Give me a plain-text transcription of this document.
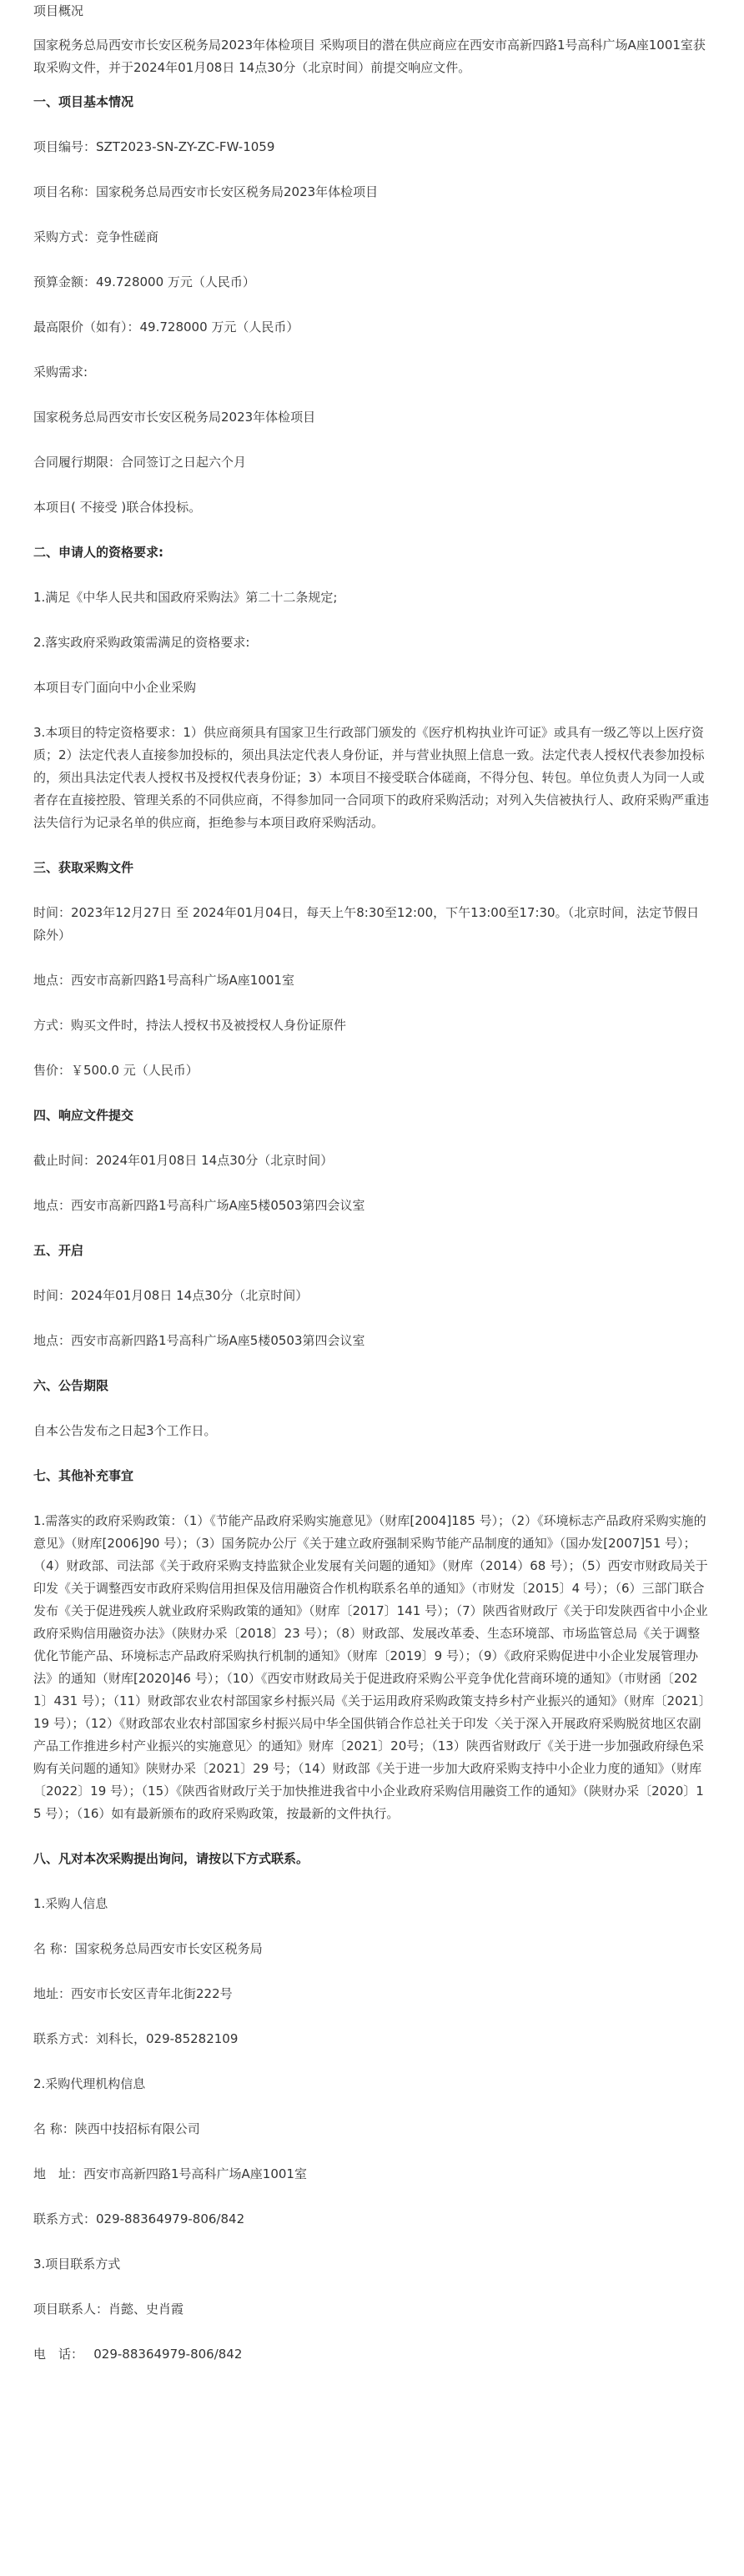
项目概况

国家税务总局西安市长安区税务局2023年体检项目 采购项目的潜在供应商应在西安市高新四路1号高科广场A座1001室获取采购文件，并于2024年01月08日 14点30分（北京时间）前提交响应文件。

一、项目基本情况

项目编号：SZT2023-SN-ZY-ZC-FW-1059

项目名称：国家税务总局西安市长安区税务局2023年体检项目

采购方式：竞争性磋商

预算金额：49.728000 万元（人民币）

最高限价（如有）：49.728000 万元（人民币）

采购需求:

国家税务总局西安市长安区税务局2023年体检项目

合同履行期限：合同签订之日起六个月

本项目( 不接受 )联合体投标。

二、申请人的资格要求:

1.满足《中华人民共和国政府采购法》第二十二条规定;

2.落实政府采购政策需满足的资格要求:

本项目专门面向中小企业采购

3.本项目的特定资格要求：1）供应商须具有国家卫生行政部门颁发的《医疗机构执业许可证》或具有一级乙等以上医疗资质；2）法定代表人直接参加投标的，须出具法定代表人身份证，并与营业执照上信息一致。法定代表人授权代表参加投标的，须出具法定代表人授权书及授权代表身份证；3）本项目不接受联合体磋商，不得分包、转包。单位负责人为同一人或者存在直接控股、管理关系的不同供应商，不得参加同一合同项下的政府采购活动；对列入失信被执行人、政府采购严重违法失信行为记录名单的供应商，拒绝参与本项目政府采购活动。

三、获取采购文件

时间：2023年12月27日 至 2024年01月04日，每天上午8:30至12:00，下午13:00至17:30。（北京时间，法定节假日除外）

地点：西安市高新四路1号高科广场A座1001室

方式：购买文件时，持法人授权书及被授权人身份证原件

售价：￥500.0 元（人民币）

四、响应文件提交

截止时间：2024年01月08日 14点30分（北京时间）

地点：西安市高新四路1号高科广场A座5楼0503第四会议室

五、开启

时间：2024年01月08日 14点30分（北京时间）

地点：西安市高新四路1号高科广场A座5楼0503第四会议室

六、公告期限

自本公告发布之日起3个工作日。

七、其他补充事宜

1.需落实的政府采购政策：（1）《节能产品政府采购实施意见》（财库[2004]185 号）；（2）《环境标志产品政府采购实施的意见》（财库[2006]90 号）；（3）国务院办公厅《关于建立政府强制采购节能产品制度的通知》（国办发[2007]51 号）；（4）财政部、司法部《关于政府采购支持监狱企业发展有关问题的通知》（财库（2014）68 号）；（5）西安市财政局关于印发《关于调整西安市政府采购信用担保及信用融资合作机构联系名单的通知》（市财发〔2015〕4 号）；（6）三部门联合发布《关于促进残疾人就业政府采购政策的通知》（财库〔2017〕141 号）；（7）陕西省财政厅《关于印发陕西省中小企业政府采购信用融资办法》（陕财办采〔2018〕23 号）；（8）财政部、发展改革委、生态环境部、市场监管总局《关于调整优化节能产品、环境标志产品政府采购执行机制的通知》（财库〔2019〕9 号）；（9）《政府采购促进中小企业发展管理办法》的通知（财库[2020]46 号）；（10）《西安市财政局关于促进政府采购公平竞争优化营商环境的通知》（市财函〔2021〕431 号）；（11）财政部农业农村部国家乡村振兴局《关于运用政府采购政策支持乡村产业振兴的通知》（财库〔2021〕19 号）；（12）《财政部农业农村部国家乡村振兴局中华全国供销合作总社关于印发〈关于深入开展政府采购脱贫地区农副产品工作推进乡村产业振兴的实施意见〉的通知》财库〔2021〕20号；（13）陕西省财政厅《关于进一步加强政府绿色采购有关问题的通知》陕财办采〔2021〕29 号；（14）财政部《关于进一步加大政府采购支持中小企业力度的通知》（财库〔2022〕19 号）；（15）《陕西省财政厅关于加快推进我省中小企业政府采购信用融资工作的通知》（陕财办采〔2020〕15 号）；（16）如有最新颁布的政府采购政策，按最新的文件执行。

八、凡对本次采购提出询问，请按以下方式联系。

1.采购人信息

名 称：国家税务总局西安市长安区税务局

地址：西安市长安区青年北街222号

联系方式：刘科长，029-85282109

2.采购代理机构信息

名 称：陕西中技招标有限公司

地　址：西安市高新四路1号高科广场A座1001室

联系方式：029-88364979-806/842

3.项目联系方式

项目联系人：肖懿、史肖霞

电　话：　 029-88364979-806/842
